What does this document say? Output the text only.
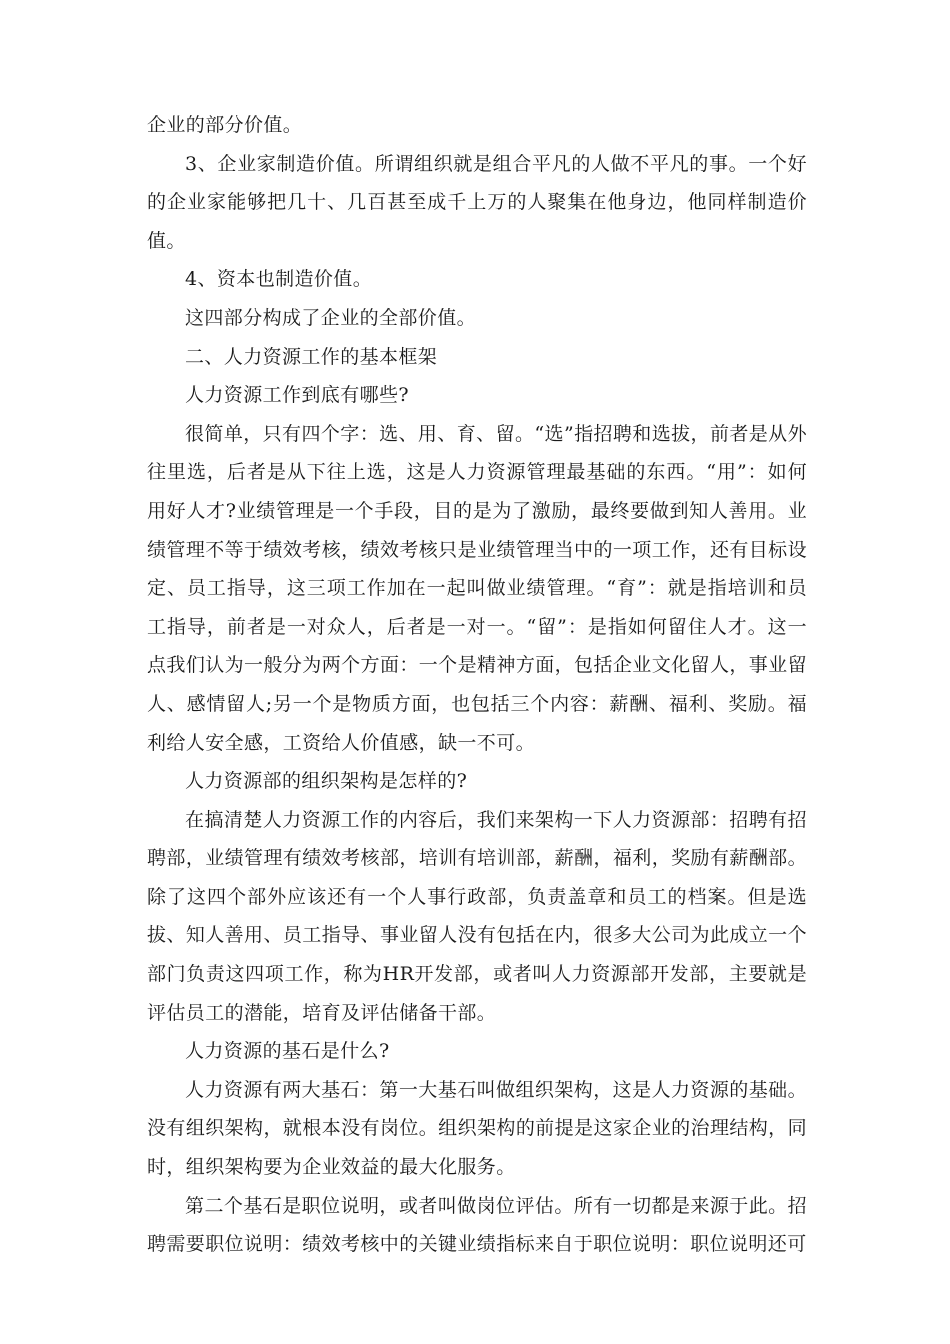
企业的部分价值。

3、企业家制造价值。所谓组织就是组合平凡的人做不平凡的事。一个好的企业家能够把几十、几百甚至成千上万的人聚集在他身边，他同样制造价值。

4、资本也制造价值。

这四部分构成了企业的全部价值。

二、人力资源工作的基本框架

人力资源工作到底有哪些?

很简单，只有四个字：选、用、育、留。“选”指招聘和选拔，前者是从外往里选，后者是从下往上选，这是人力资源管理最基础的东西。“用”：如何用好人才?业绩管理是一个手段，目的是为了激励，最终要做到知人善用。业绩管理不等于绩效考核，绩效考核只是业绩管理当中的一项工作，还有目标设定、员工指导，这三项工作加在一起叫做业绩管理。“育”：就是指培训和员工指导，前者是一对众人，后者是一对一。“留”：是指如何留住人才。这一点我们认为一般分为两个方面：一个是精神方面，包括企业文化留人，事业留人、感情留人;另一个是物质方面，也包括三个内容：薪酬、福利、奖励。福利给人安全感，工资给人价值感，缺一不可。

人力资源部的组织架构是怎样的?

在搞清楚人力资源工作的内容后，我们来架构一下人力资源部：招聘有招聘部，业绩管理有绩效考核部，培训有培训部，薪酬，福利，奖励有薪酬部。除了这四个部外应该还有一个人事行政部，负责盖章和员工的档案。但是选拔、知人善用、员工指导、事业留人没有包括在内，很多大公司为此成立一个部门负责这四项工作，称为HR开发部，或者叫人力资源部开发部，主要就是评估员工的潜能，培育及评估储备干部。

人力资源的基石是什么?

人力资源有两大基石：第一大基石叫做组织架构，这是人力资源的基础。没有组织架构，就根本没有岗位。组织架构的前提是这家企业的治理结构，同时，组织架构要为企业效益的最大化服务。

第二个基石是职位说明，或者叫做岗位评估。所有一切都是来源于此。招聘需要职位说明：绩效考核中的关键业绩指标来自于职位说明：职位说明还可
